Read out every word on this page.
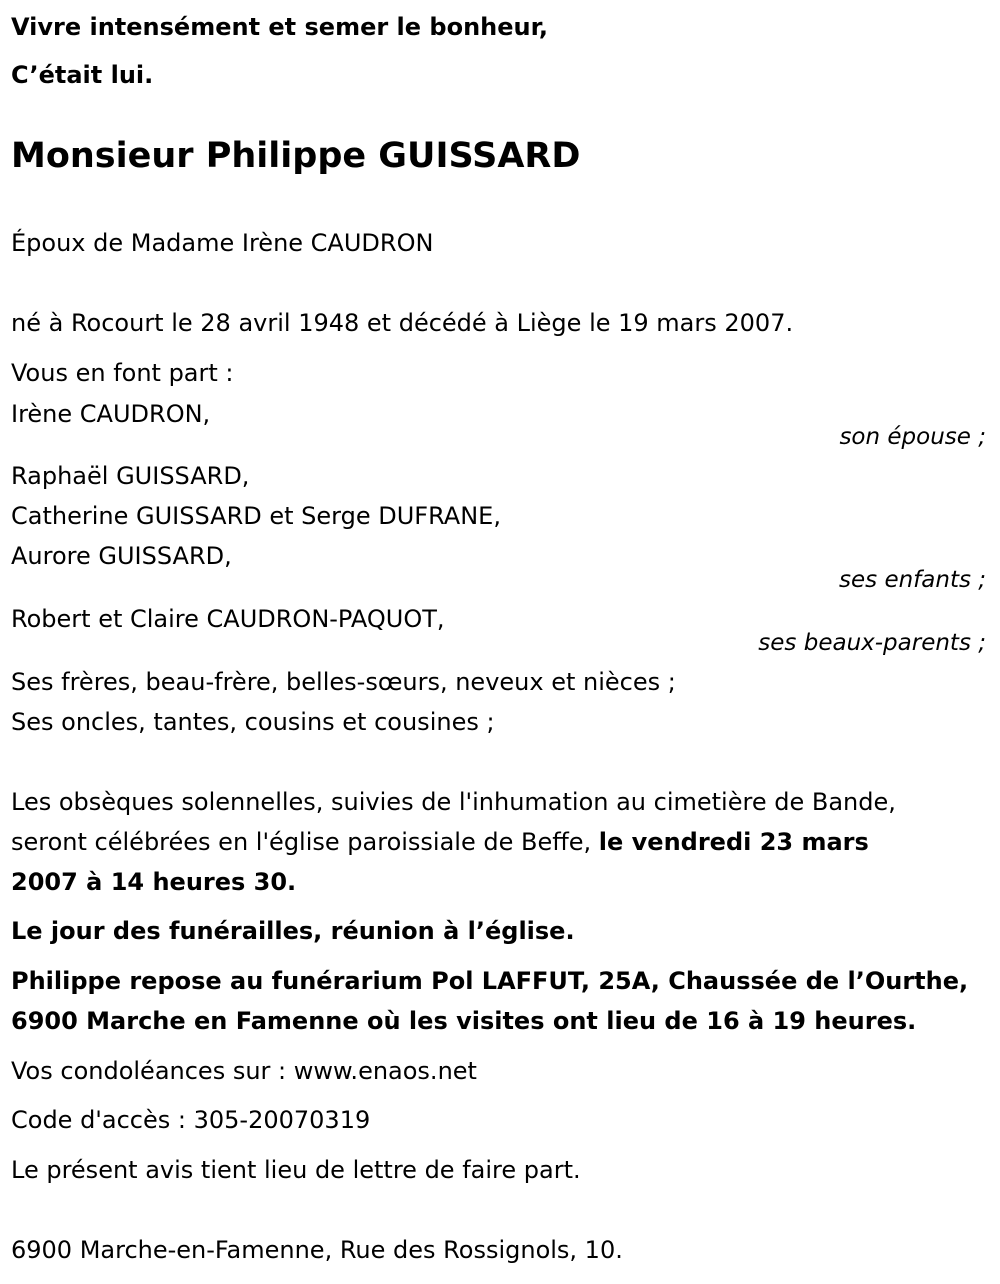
Vivre intensément et semer le bonheur,
C’était lui.
Monsieur Philippe GUISSARD
Époux de Madame Irène CAUDRON
né à Rocourt le 28 avril 1948 et décédé à Liège le 19 mars 2007.
Vous en font part :
Irène CAUDRON,
son épouse ;
Raphaël GUISSARD,
Catherine GUISSARD et Serge DUFRANE,
Aurore GUISSARD,
ses enfants ;
Robert et Claire CAUDRON-PAQUOT,
ses beaux-parents ;
Ses frères, beau-frère, belles-sœurs, neveux et nièces ;
Ses oncles, tantes, cousins et cousines ;
Les obsèques solennelles, suivies de l'inhumation au cimetière de Bande,
seront célébrées en l'église paroissiale de Beffe, le vendredi 23 mars
2007 à 14 heures 30.
Le jour des funérailles, réunion à l’église.
Philippe repose au funérarium Pol LAFFUT, 25A, Chaussée de l’Ourthe,
6900 Marche en Famenne où les visites ont lieu de 16 à 19 heures.
Vos condoléances sur : www.enaos.net
Code d'accès : 305-20070319
Le présent avis tient lieu de lettre de faire part.
6900 Marche-en-Famenne, Rue des Rossignols, 10.
